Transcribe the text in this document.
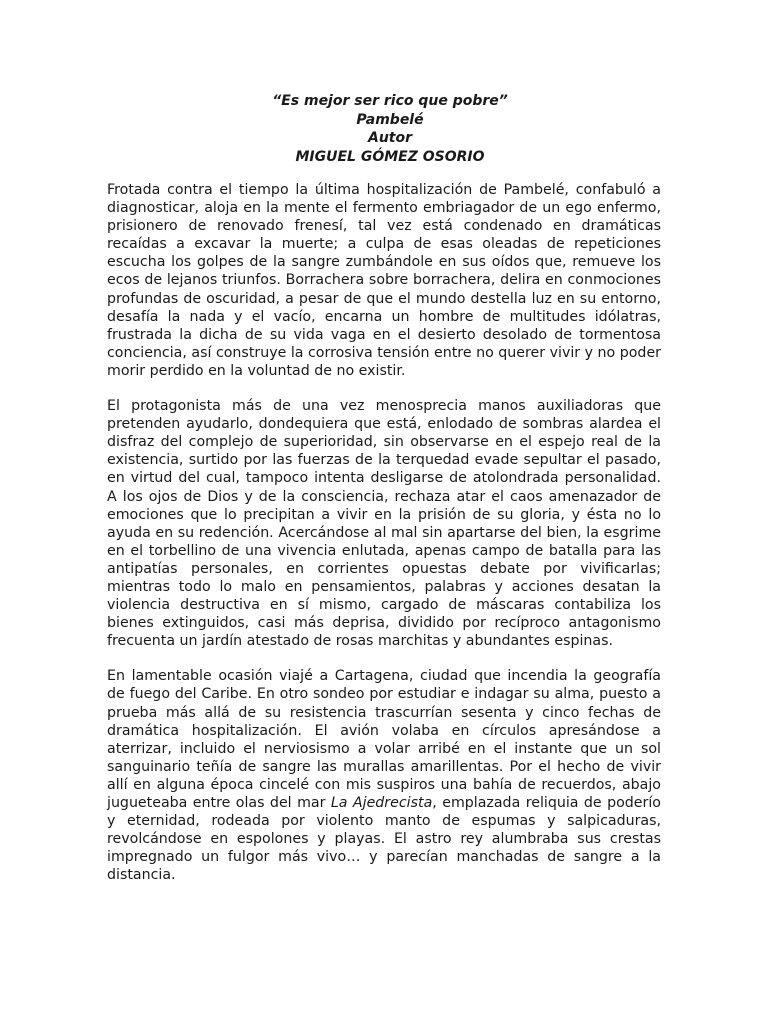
“Es mejor ser rico que pobre”
Pambelé
Autor
MIGUEL GÓMEZ OSORIO

Frotada contra el tiempo la última hospitalización de Pambelé, confabuló a diagnosticar, aloja en la mente el fermento embriagador de un ego enfermo, prisionero de renovado frenesí, tal vez está condenado en dramáticas recaídas a excavar la muerte; a culpa de esas oleadas de repeticiones escucha los golpes de la sangre zumbándole en sus oídos que, remueve los ecos de lejanos triunfos. Borrachera sobre borrachera, delira en conmociones profundas de oscuridad, a pesar de que el mundo destella luz en su entorno, desafía la nada y el vacío, encarna un hombre de multitudes idólatras, frustrada la dicha de su vida vaga en el desierto desolado de tormentosa conciencia, así construye la corrosiva tensión entre no querer vivir y no poder morir perdido en la voluntad de no existir.

El protagonista más de una vez menosprecia manos auxiliadoras que pretenden ayudarlo, dondequiera que está, enlodado de sombras alardea el disfraz del complejo de superioridad, sin observarse en el espejo real de la existencia, surtido por las fuerzas de la terquedad evade sepultar el pasado, en virtud del cual, tampoco intenta desligarse de atolondrada personalidad. A los ojos de Dios y de la consciencia, rechaza atar el caos amenazador de emociones que lo precipitan a vivir en la prisión de su gloria, y ésta no lo ayuda en su redención. Acercándose al mal sin apartarse del bien, la esgrime en el torbellino de una vivencia enlutada, apenas campo de batalla para las antipatías personales, en corrientes opuestas debate por vivificarlas; mientras todo lo malo en pensamientos, palabras y acciones desatan la violencia destructiva en sí mismo, cargado de máscaras contabiliza los bienes extinguidos, casi más deprisa, dividido por recíproco antagonismo frecuenta un jardín atestado de rosas marchitas y abundantes espinas.

En lamentable ocasión viajé a Cartagena, ciudad que incendia la geografía de fuego del Caribe. En otro sondeo por estudiar e indagar su alma, puesto a prueba más allá de su resistencia trascurrían sesenta y cinco fechas de dramática hospitalización. El avión volaba en círculos apresándose a aterrizar, incluido el nerviosismo a volar arribé en el instante que un sol sanguinario teñía de sangre las murallas amarillentas. Por el hecho de vivir allí en alguna época cincelé con mis suspiros una bahía de recuerdos, abajo jugueteaba entre olas del mar La Ajedrecista, emplazada reliquia de poderío y eternidad, rodeada por violento manto de espumas y salpicaduras, revolcándose en espolones y playas. El astro rey alumbraba sus crestas impregnado un fulgor más vivo… y parecían manchadas de sangre a la distancia.
